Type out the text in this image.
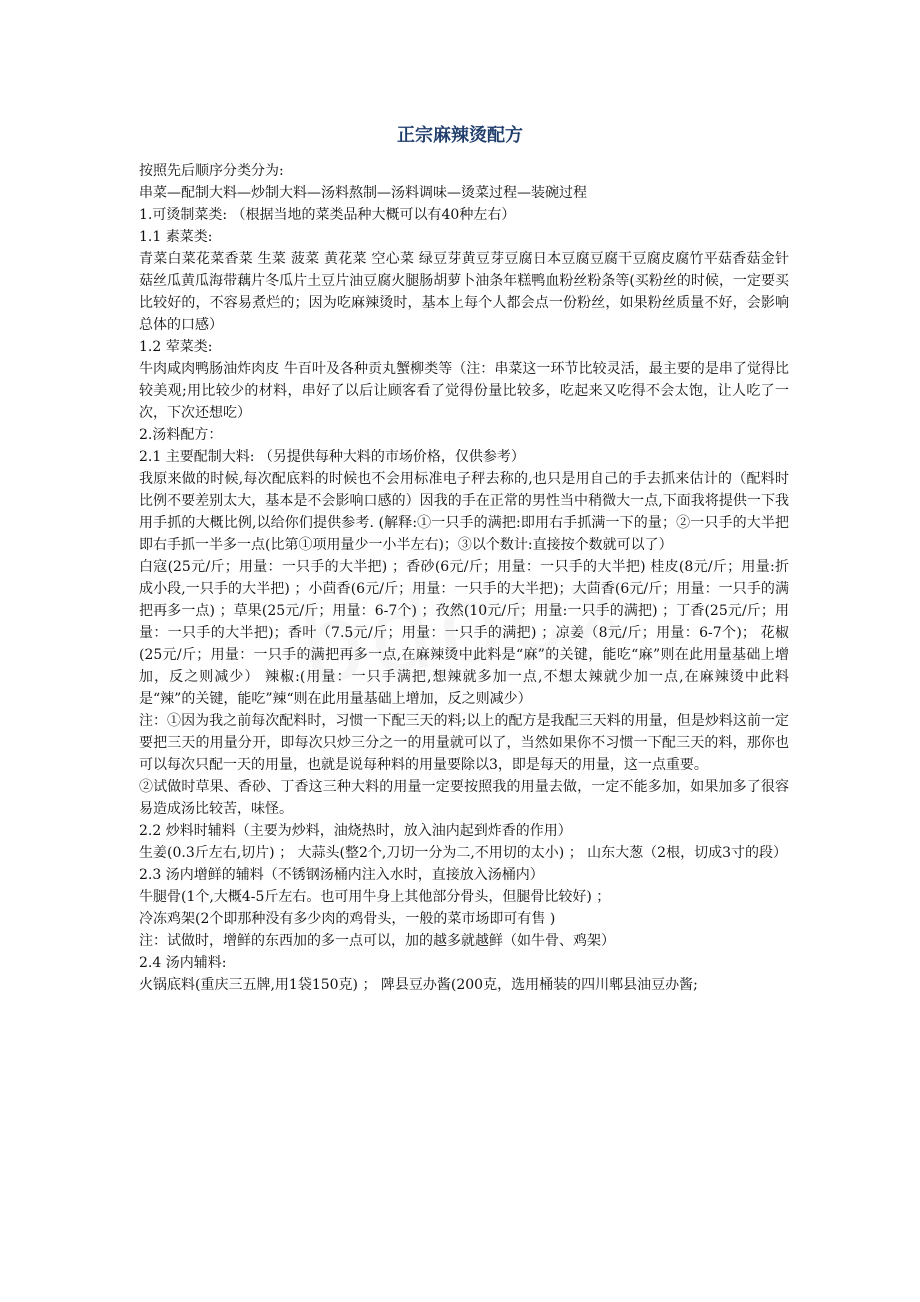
正宗麻辣烫配方

按照先后顺序分类分为:

串菜—配制大料—炒制大料—汤料熬制—汤料调味—烫菜过程—装碗过程

1.可烫制菜类: （根据当地的菜类品种大概可以有40种左右）

1.1 素菜类:

青菜白菜花菜香菜 生菜 菠菜 黄花菜 空心菜 绿豆芽黄豆芽豆腐日本豆腐豆腐干豆腐皮腐竹平菇香菇金针菇丝瓜黄瓜海带藕片冬瓜片土豆片油豆腐火腿肠胡萝卜油条年糕鸭血粉丝粉条等(买粉丝的时候，一定要买比较好的，不容易煮烂的；因为吃麻辣烫时，基本上每个人都会点一份粉丝，如果粉丝质量不好，会影响总体的口感）

1.2 荤菜类:

牛肉咸肉鸭肠油炸肉皮 牛百叶及各种贡丸蟹柳类等（注：串菜这一环节比较灵活，最主要的是串了觉得比较美观;用比较少的材料，串好了以后让顾客看了觉得份量比较多，吃起来又吃得不会太饱，让人吃了一次，下次还想吃）

2.汤料配方：

2.1 主要配制大料: （另提供每种大料的市场价格，仅供参考）

我原来做的时候,每次配底料的时候也不会用标准电子秤去称的,也只是用自己的手去抓来估计的（配料时比例不要差别太大，基本是不会影响口感的）因我的手在正常的男性当中稍微大一点,下面我将提供一下我用手抓的大概比例,以给你们提供参考. (解释:①一只手的满把:即用右手抓满一下的量；②一只手的大半把即右手抓一半多一点(比第①项用量少一小半左右)；③以个数计:直接按个数就可以了）

白寇(25元/斤；用量：一只手的大半把) ；香砂(6元/斤；用量：一只手的大半把) 桂皮(8元/斤；用量:折成小段,一只手的大半把) ；小茴香(6元/斤；用量：一只手的大半把)；大茴香(6元/斤；用量：一只手的满把再多一点) ；草果(25元/斤；用量：6-7个) ；孜然(10元/斤；用量:一只手的满把) ；丁香(25元/斤；用量：一只手的大半把)；香叶（7.5元/斤；用量：一只手的满把) ；凉姜（8元/斤；用量：6-7个)； 花椒(25元/斤；用量：一只手的满把再多一点,在麻辣烫中此料是“麻”的关键，能吃“麻”则在此用量基础上增加，反之则减少） 辣椒:(用量：一只手满把,想辣就多加一点,不想太辣就少加一点,在麻辣烫中此料是“辣”的关键，能吃”辣“则在此用量基础上增加，反之则减少）

注：①因为我之前每次配料时，习惯一下配三天的料;以上的配方是我配三天料的用量，但是炒料这前一定要把三天的用量分开，即每次只炒三分之一的用量就可以了，当然如果你不习惯一下配三天的料，那你也可以每次只配一天的用量，也就是说每种料的用量要除以3，即是每天的用量，这一点重要。

②试做时草果、香砂、丁香这三种大料的用量一定要按照我的用量去做，一定不能多加，如果加多了很容易造成汤比较苦，味怪。

2.2 炒料时辅料（主要为炒料，油烧热时，放入油内起到炸香的作用）

生姜(0.3斤左右,切片) ； 大蒜头(整2个,刀切一分为二,不用切的太小) ； 山东大葱（2根，切成3寸的段）

2.3 汤内增鲜的辅料（不锈钢汤桶内注入水时，直接放入汤桶内）

牛腿骨(1个,大概4-5斤左右。也可用牛身上其他部分骨头，但腿骨比较好) ；

冷冻鸡架(2个即那种没有多少肉的鸡骨头，一般的菜市场即可有售 )

注：试做时，增鲜的东西加的多一点可以，加的越多就越鲜（如牛骨、鸡架）

2.4 汤内辅料:

火锅底料(重庆三五牌,用1袋150克) ； 陴县豆办酱(200克，选用桶装的四川郫县油豆办酱;
